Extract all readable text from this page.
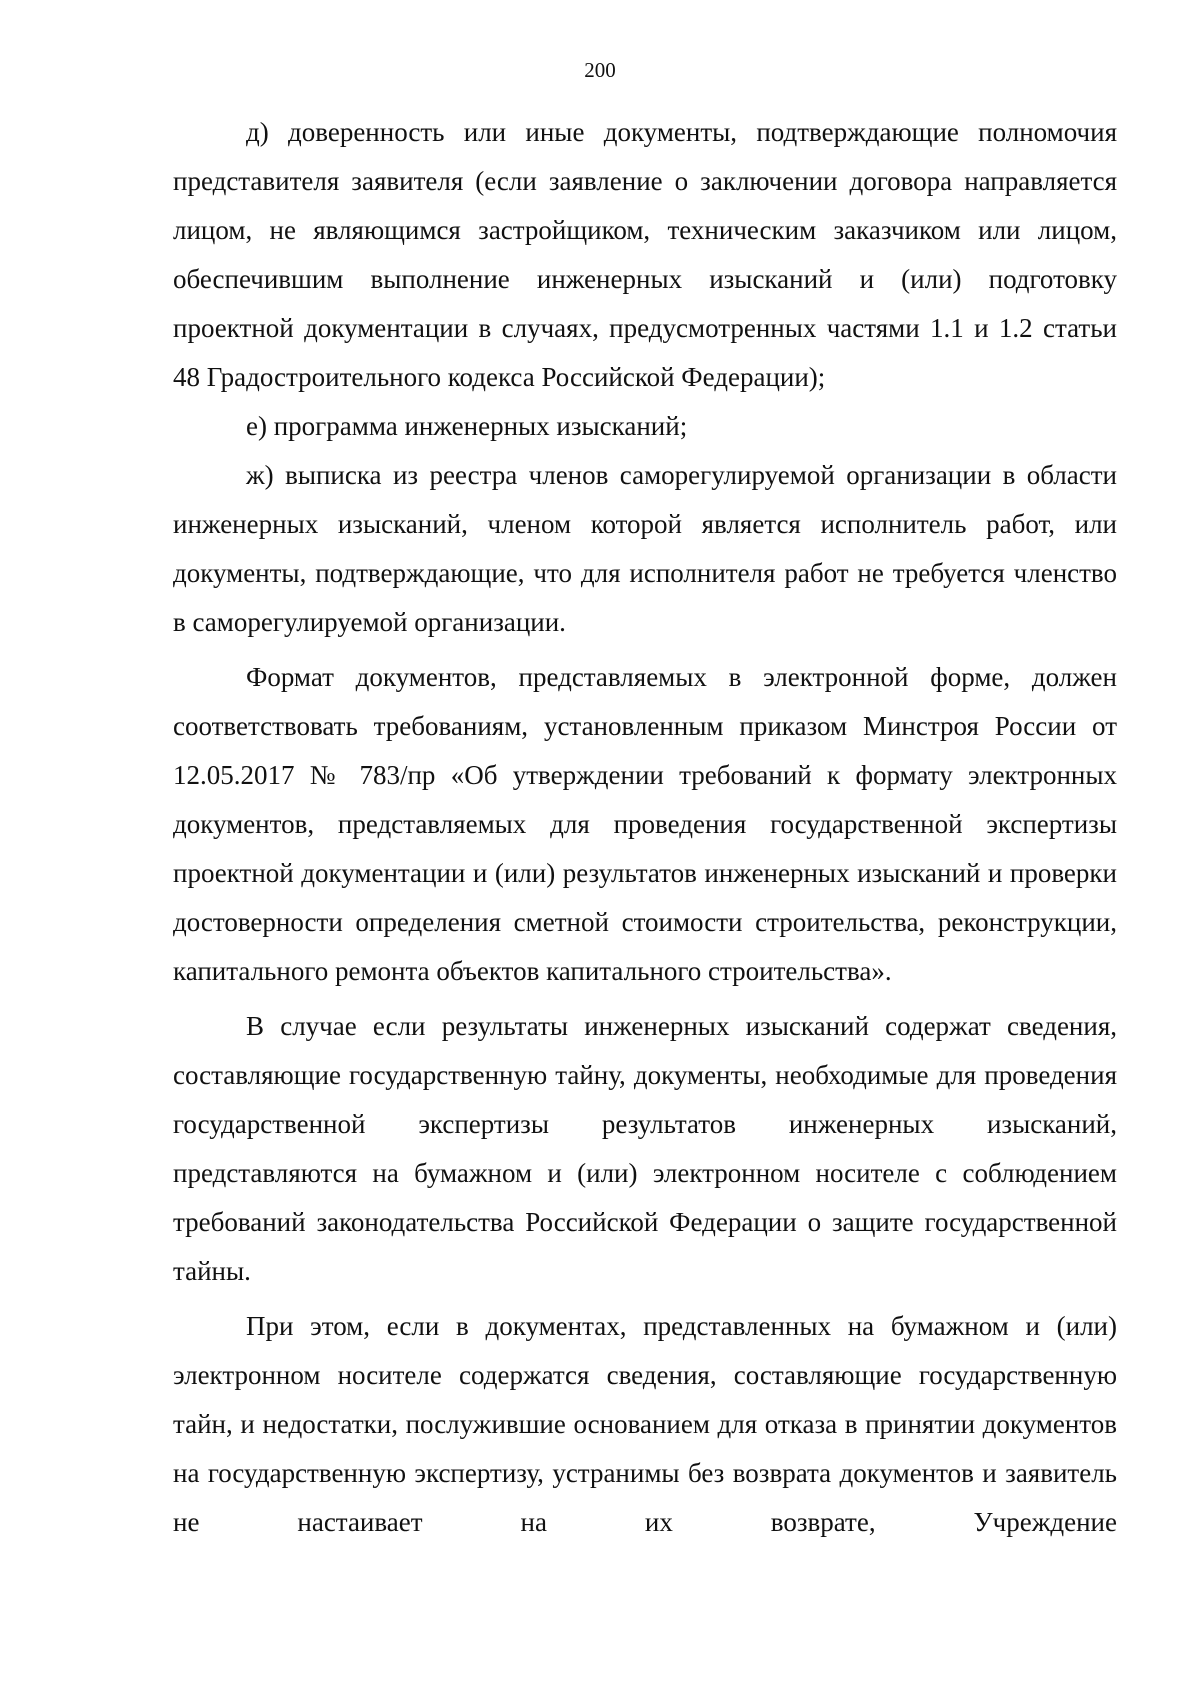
200

д) доверенность или иные документы, подтверждающие полномочия представителя заявителя (если заявление о заключении договора направляется лицом, не являющимся застройщиком, техническим заказчиком или лицом, обеспечившим выполнение инженерных изысканий и (или) подготовку проектной документации в случаях, предусмотренных частями 1.1 и 1.2 статьи 48 Градостроительного кодекса Российской Федерации);

е) программа инженерных изысканий;

ж) выписка из реестра членов саморегулируемой организации в области инженерных изысканий, членом которой является исполнитель работ, или документы, подтверждающие, что для исполнителя работ не требуется членство в саморегулируемой организации.

Формат документов, представляемых в электронной форме, должен соответствовать требованиям, установленным приказом Минстроя России от 12.05.2017 № 783/пр «Об утверждении требований к формату электронных документов, представляемых для проведения государственной экспертизы проектной документации и (или) результатов инженерных изысканий и проверки достоверности определения сметной стоимости строительства, реконструкции, капитального ремонта объектов капитального строительства».

В случае если результаты инженерных изысканий содержат сведения, составляющие государственную тайну, документы, необходимые для проведения государственной экспертизы результатов инженерных изысканий, представляются на бумажном и (или) электронном носителе с соблюдением требований законодательства Российской Федерации о защите государственной тайны.

При этом, если в документах, представленных на бумажном и (или) электронном носителе содержатся сведения, составляющие государственную тайн, и недостатки, послужившие основанием для отказа в принятии документов на государственную экспертизу, устранимы без возврата документов и заявитель не настаивает на их возврате, Учреждение
